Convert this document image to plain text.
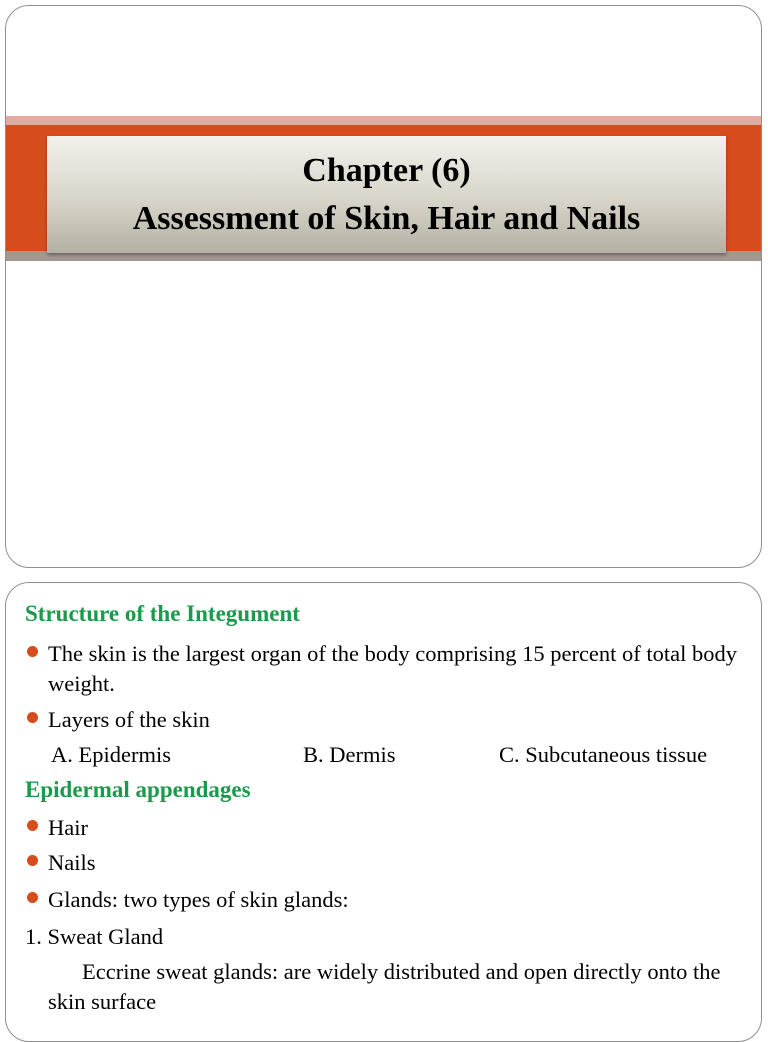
Chapter (6)
Assessment of Skin, Hair and Nails
Structure of the Integument
The skin is the largest organ of the body comprising 15 percent of total body weight.
Layers of the skin
A. Epidermis	B. Dermis	C. Subcutaneous tissue
Epidermal appendages
Hair
Nails
Glands: two types of skin glands:
1. Sweat Gland
Eccrine sweat glands: are widely distributed and open directly onto the skin surface
